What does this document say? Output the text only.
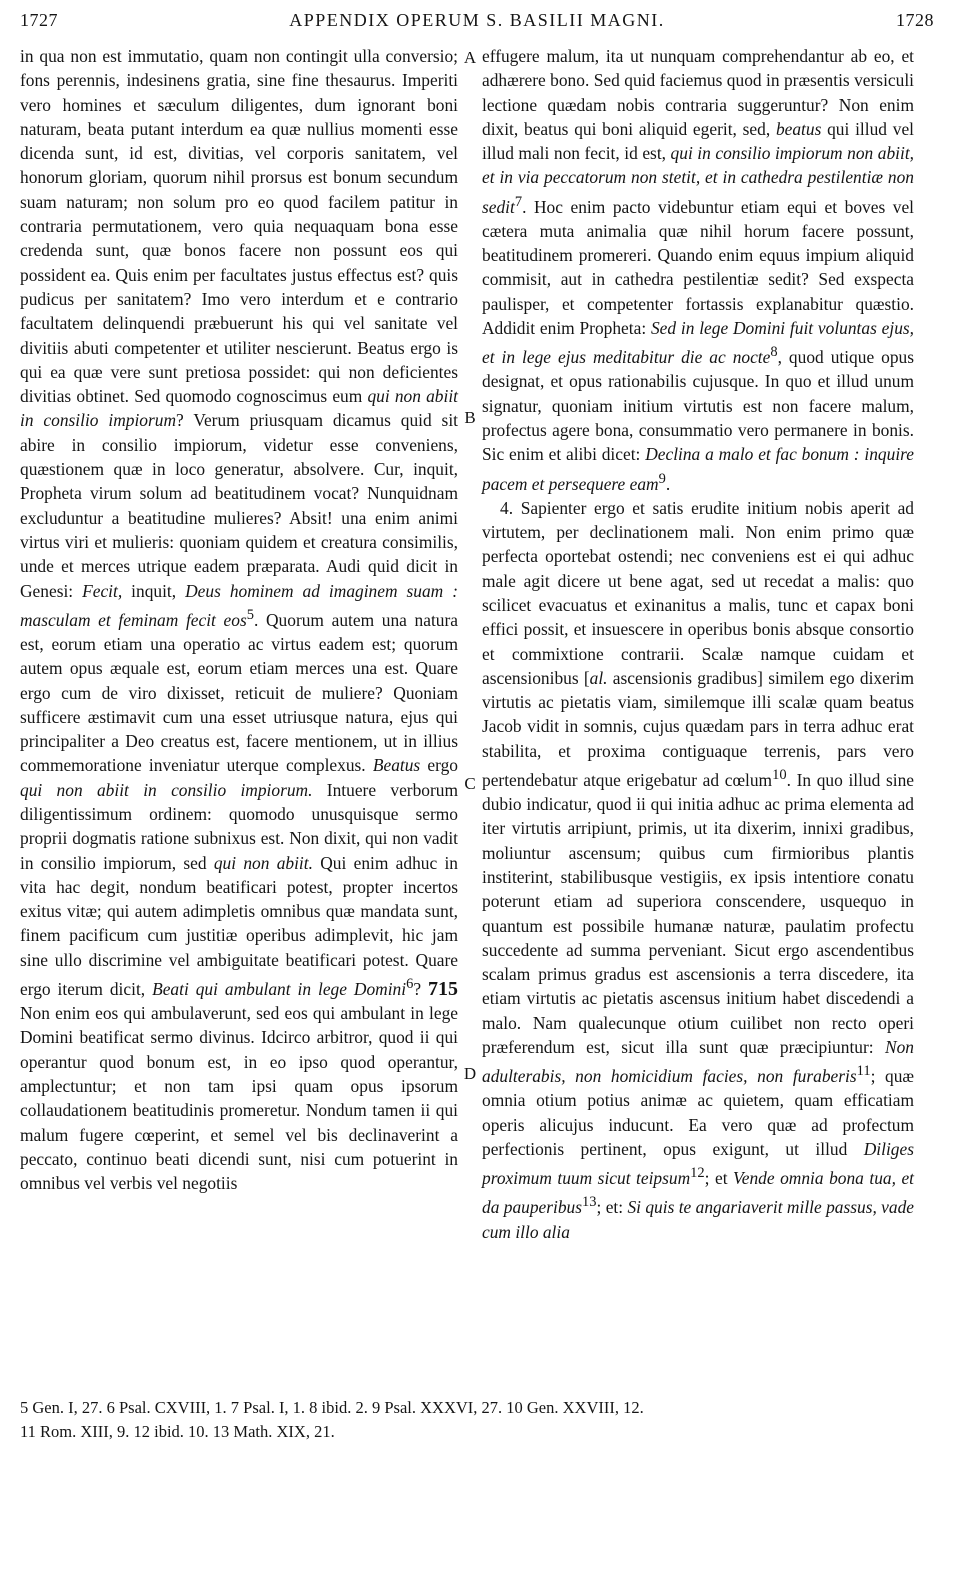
1727	APPENDIX OPERUM S. BASILII MAGNI.	1728

in qua non est immutatio, quam non contingit ulla conversio; fons perennis, indesinens gratia, sine fine thesaurus. Imperiti vero homines et sæculum diligentes, dum ignorant boni naturam, beata putant interdum ea quæ nullius momenti esse dicenda sunt, id est, divitias, vel corporis sanitatem, vel honorum gloriam, quorum nihil prorsus est bonum secundum suam naturam; non solum pro eo quod facilem patitur in contraria permutationem, vero quia nequaquam bona esse credenda sunt, quæ bonos facere non possunt eos qui possident ea. Quis enim per facultates justus effectus est? quis pudicus per sanitatem? Imo vero interdum et e contrario facultatem delinquendi præbuerunt his qui vel sanitate vel divitiis abuti competenter et utiliter nescierunt. Beatus ergo is qui ea quæ vere sunt pretiosa possidet: qui non deficientes divitias obtinet. Sed quomodo cognoscimus eum qui non abiit in consilio impiorum? Verum priusquam dicamus quid sit abire in consilio impiorum, videtur esse conveniens, quæstionem quæ in loco generatur, absolvere. Cur, inquit, Propheta virum solum ad beatitudinem vocat? Nunquidnam excluduntur a beatitudine mulieres? Absit! una enim animi virtus viri et mulieris: quoniam quidem et creatura consimilis, unde et merces utrique eadem præparata. Audi quid dicit in Genesi: Fecit, inquit, Deus hominem ad imaginem suam : masculam et feminam fecit eos$^5$. Quorum autem una natura est, eorum etiam una operatio ac virtus eadem est; quorum autem opus æquale est, eorum etiam merces una est. Quare ergo cum de viro dixisset, reticuit de muliere? Quoniam sufficere æstimavit cum una esset utriusque natura, ejus qui principaliter a Deo creatus est, facere mentionem, ut in illius commemoratione inveniatur uterque complexus. Beatus ergo qui non abiit in consilio impiorum. Intuere verborum diligentissimum ordinem: quomodo unusquisque sermo proprii dogmatis ratione subnixus est. Non dixit, qui non vadit in consilio impiorum, sed qui non abiit. Qui enim adhuc in vita hac degit, nondum beatificari potest, propter incertos exitus vitæ; qui autem adimpletis omnibus quæ mandata sunt, finem pacificum cum justitiæ operibus adimplevit, hic jam sine ullo discrimine vel ambiguitate beatificari potest. Quare ergo iterum dicit, Beati qui ambulant in lege Domini$^6$? 715 Non enim eos qui ambulaverunt, sed eos qui ambulant in lege Domini beatificat sermo divinus. Idcirco arbitror, quod ii qui operantur quod bonum est, in eo ipso quod operantur, amplectuntur; et non tam ipsi quam opus ipsorum collaudationem beatitudinis promeretur. Nondum tamen ii qui malum fugere cœperint, et semel vel bis declinaverint a peccato, continuo beati dicendi sunt, nisi cum potuerint in omnibus vel verbis vel negotiis

A
B
C
D

effugere malum, ita ut nunquam comprehendantur ab eo, et adhærere bono. Sed quid faciemus quod in præsentis versiculi lectione quædam nobis contraria suggeruntur? Non enim dixit, beatus qui boni aliquid egerit, sed, beatus qui illud vel illud mali non fecit, id est, qui in consilio impiorum non abiit, et in via peccatorum non stetit, et in cathedra pestilentiæ non sedit$^7$. Hoc enim pacto videbuntur etiam equi et boves vel cætera muta animalia quæ nihil horum facere possunt, beatitudinem promereri. Quando enim equus impium aliquid commisit, aut in cathedra pestilentiæ sedit? Sed exspecta paulisper, et competenter fortassis explanabitur quæstio. Addidit enim Propheta: Sed in lege Domini fuit voluntas ejus, et in lege ejus meditabitur die ac nocte$^8$, quod utique opus designat, et opus rationabilis cujusque. In quo et illud unum signatur, quoniam initium virtutis est non facere malum, profectus agere bona, consummatio vero permanere in bonis. Sic enim et alibi dicet: Declina a malo et fac bonum : inquire pacem et persequere eam$^9$.

4. Sapienter ergo et satis erudite initium nobis aperit ad virtutem, per declinationem mali. Non enim primo quæ perfecta oportebat ostendi; nec conveniens est ei qui adhuc male agit dicere ut bene agat, sed ut recedat a malis: quo scilicet evacuatus et exinanitus a malis, tunc et capax boni effici possit, et insuescere in operibus bonis absque consortio et commixtione contrarii. Scalæ namque cuidam et ascensionibus [al. ascensionis gradibus] similem ego dixerim virtutis ac pietatis viam, similemque illi scalæ quam beatus Jacob vidit in somnis, cujus quædam pars in terra adhuc erat stabilita, et proxima contiguaque terrenis, pars vero pertendebatur atque erigebatur ad cœlum$^{10}$. In quo illud sine dubio indicatur, quod ii qui initia adhuc ac prima elementa ad iter virtutis arripiunt, primis, ut ita dixerim, innixi gradibus, moliuntur ascensum; quibus cum firmioribus plantis institerint, stabilibusque vestigiis, ex ipsis intentiore conatu poterunt etiam ad superiora conscendere, usquequo in quantum est possibile humanæ naturæ, paulatim profectu succedente ad summa perveniant. Sicut ergo ascendentibus scalam primus gradus est ascensionis a terra discedere, ita etiam virtutis ac pietatis ascensus initium habet discedendi a malo. Nam qualecunque otium cuilibet non recto operi præferendum est, sicut illa sunt quæ præcipiuntur: Non adulterabis, non homicidium facies, non furaberis$^{11}$; quæ omnia otium potius animæ ac quietem, quam efficatiam operis alicujus inducunt. Ea vero quæ ad profectum perfectionis pertinent, opus exigunt, ut illud Diliges proximum tuum sicut teipsum$^{12}$; et Vende omnia bona tua, et da pauperibus$^{13}$; et: Si quis te angariaverit mille passus, vade cum illo alia

5 Gen. I, 27. 6 Psal. CXVIII, 1. 7 Psal. I, 1. 8 ibid. 2. 9 Psal. XXXVI, 27. 10 Gen. XXVIII, 12.

11 Rom. XIII, 9. 12 ibid. 10. 13 Math. XIX, 21.
